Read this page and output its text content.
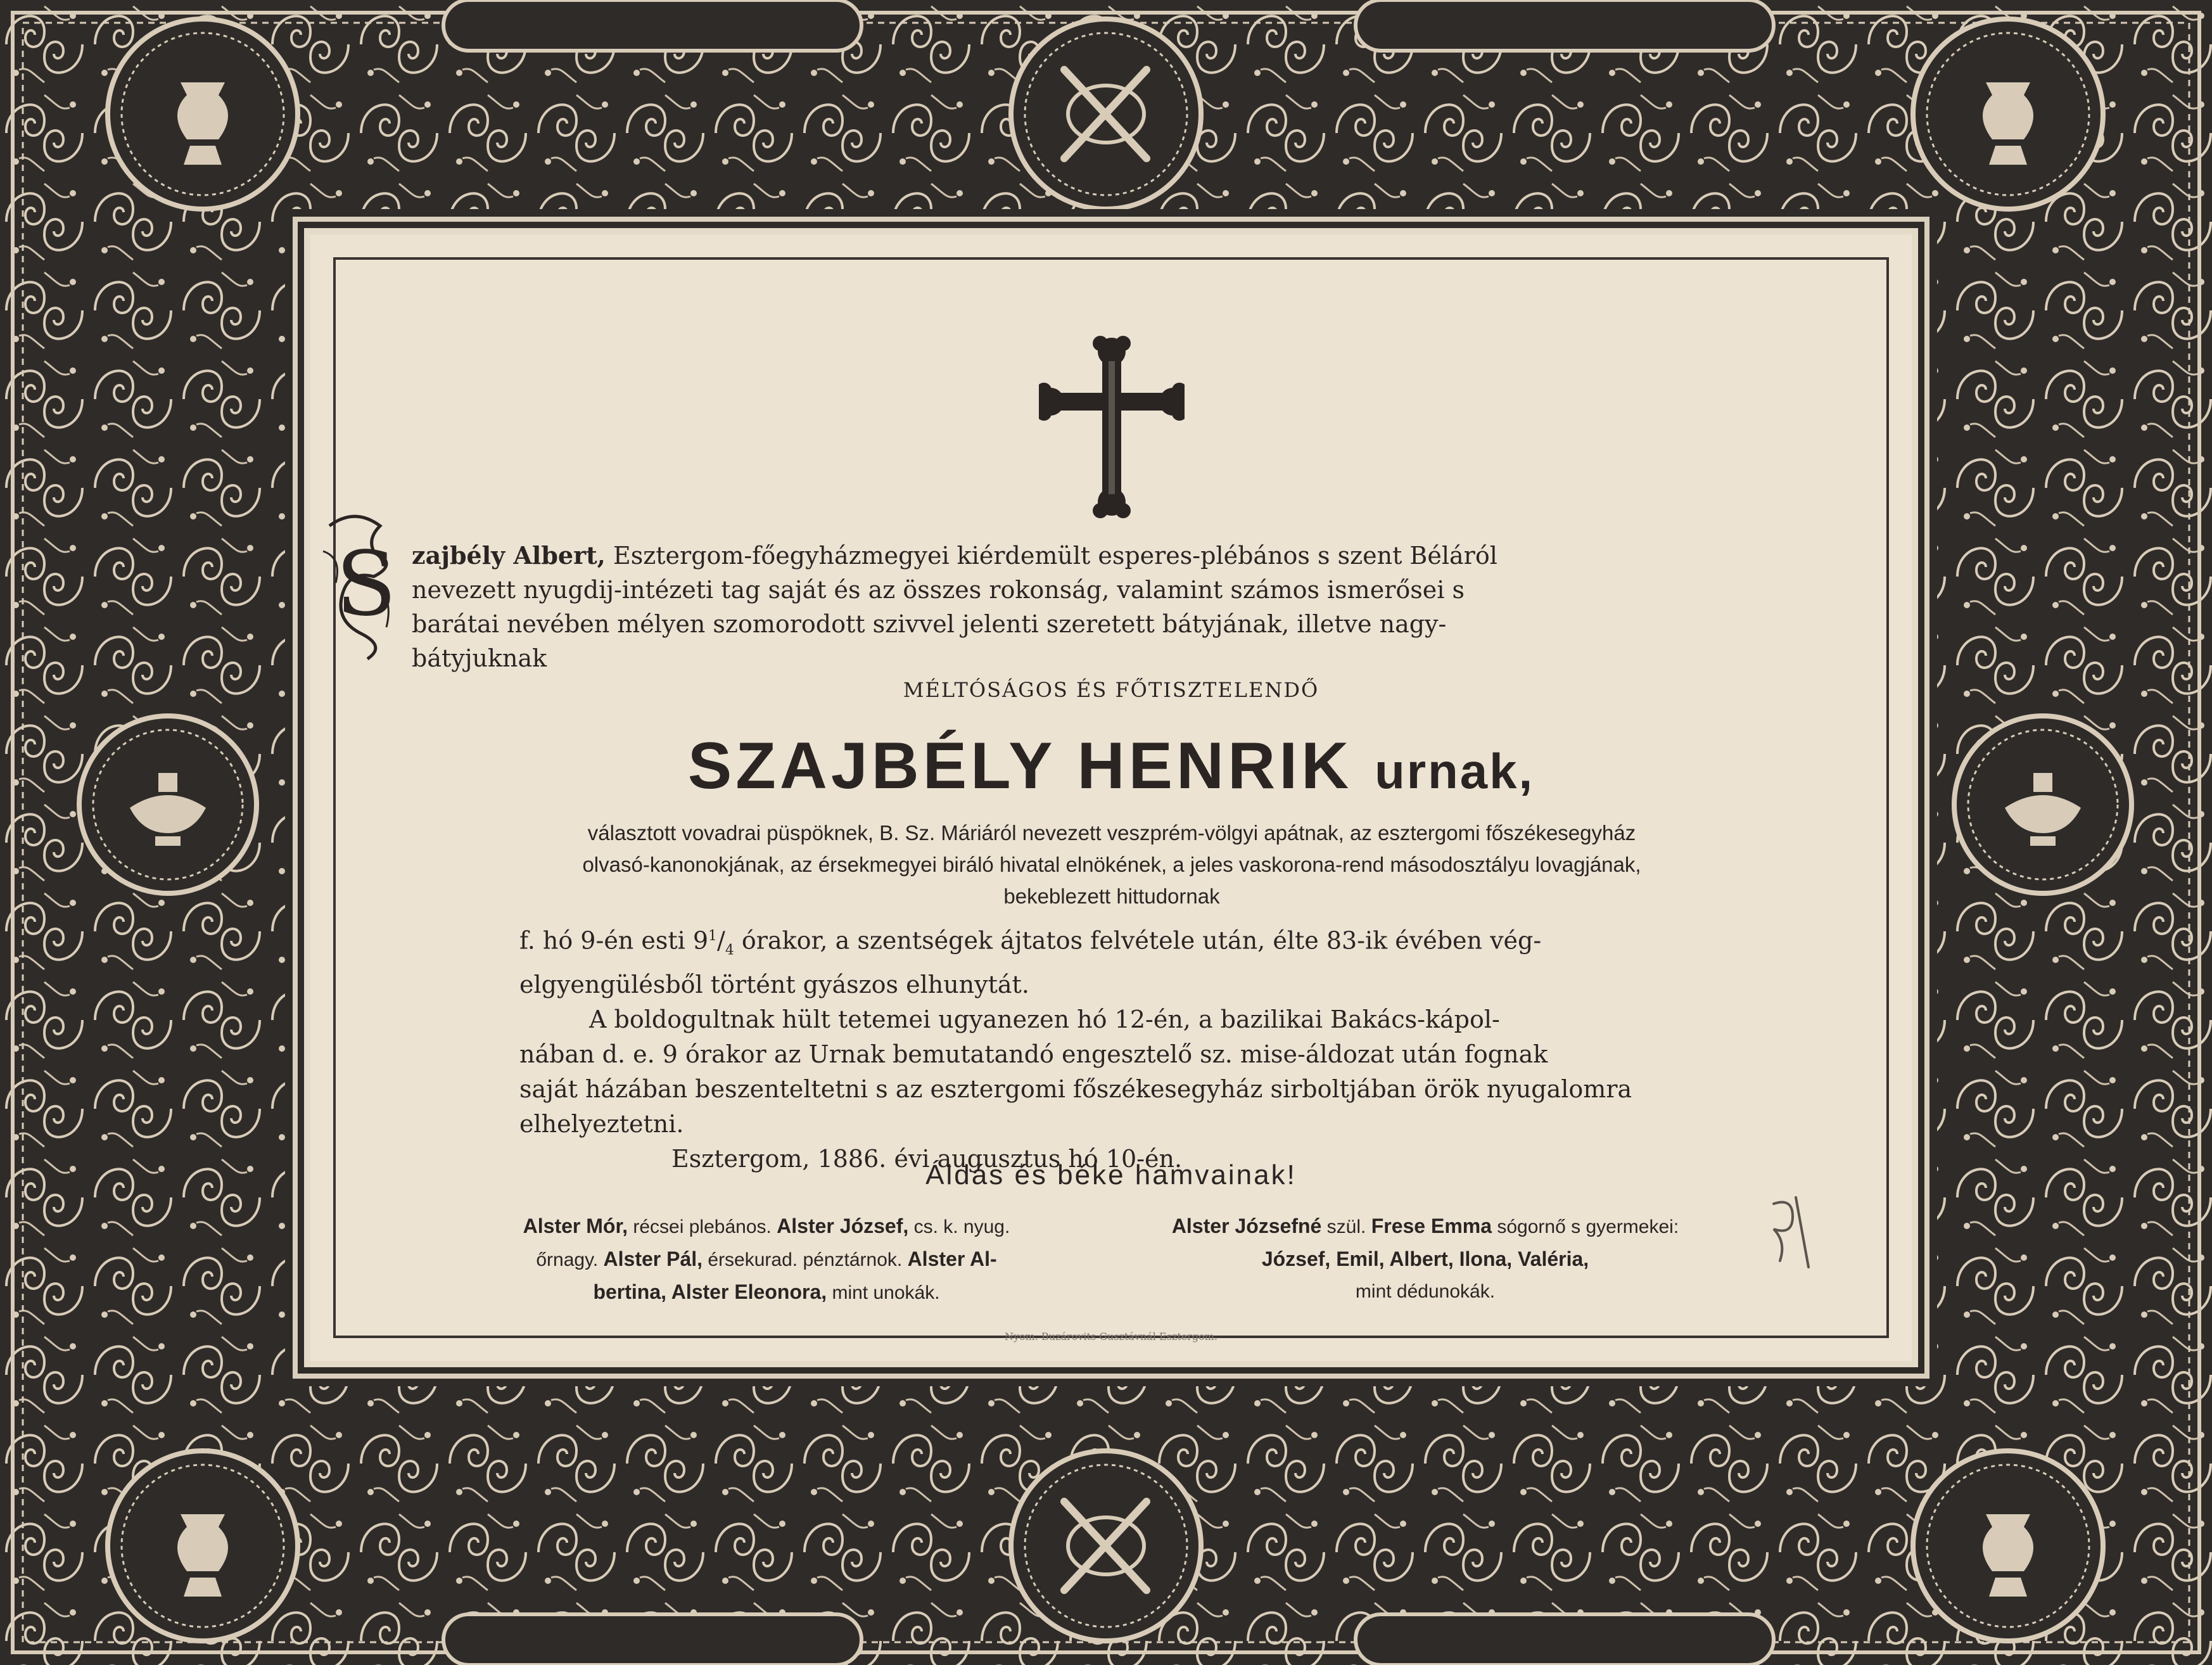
S zajbély Albert, Esztergom-főegyházmegyei kiérdemült esperes-plébános s szent Béláról
nevezett nyugdij-intézeti tag saját és az összes rokonság, valamint számos ismerősei s
barátai nevében mélyen szomorodott szivvel jelenti szeretett bátyjának, illetve nagy-
bátyjuknak
MÉLTÓSÁGOS ÉS FŐTISZTELENDŐ
SZAJBÉLY HENRIK urnak,
választott vovadrai püspöknek, B. Sz. Máriáról nevezett veszprém-völgyi apátnak, az esztergomi főszékesegyház
olvasó-kanonokjának, az érsekmegyei biráló hivatal elnökének, a jeles vaskorona-rend másodosztályu lovagjának,
bekeblezett hittudornak
f. hó 9-én esti $9^1/_4$ órakor, a szentségek ájtatos felvétele után, élte 83-ik évében vég-
elgyengülésből történt gyászos elhunytát.
A boldogultnak hült tetemei ugyanezen hó 12-én, a bazilikai Bakács-kápol-
nában d. e. 9 órakor az Urnak bemutatandó engesztelő sz. mise-áldozat után fognak
saját házában beszenteltetni s az esztergomi főszékesegyház sirboltjában örök nyugalomra
elhelyeztetni.
Esztergom, 1886. évi augusztus hó 10-én.
Áldás és béke hamvainak!
Alster Mór, récsei plebános. Alster József, cs. k. nyug.
őrnagy. Alster Pál, érsekurad. pénztárnok. Alster Al-
bertina, Alster Eleonora, mint unokák.
Alster Józsefné szül. Frese Emma sógornő s gyermekei:
József, Emil, Albert, Ilona, Valéria,
mint dédunokák.
Nyom. Buzárovits Gusztávnál Esztergom.
